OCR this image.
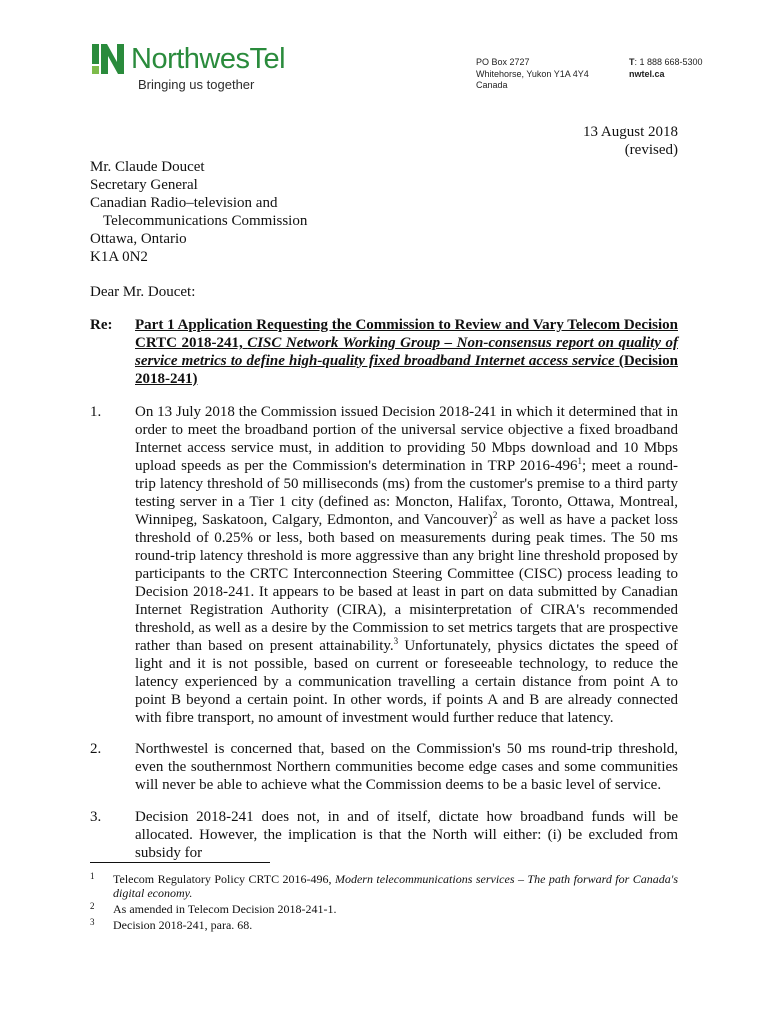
NorthwesTel
Bringing us together
PO Box 2727
Whitehorse, Yukon Y1A 4Y4
Canada
T: 1 888 668-5300
nwtel.ca
13 August 2018
(revised)
Mr. Claude Doucet
Secretary General
Canadian Radio–television and
Telecommunications Commission
Ottawa, Ontario
K1A 0N2
Dear Mr. Doucet:
Re: Part 1 Application Requesting the Commission to Review and Vary Telecom Decision CRTC 2018-241, CISC Network Working Group – Non-consensus report on quality of service metrics to define high-quality fixed broadband Internet access service (Decision 2018-241)
1. On 13 July 2018 the Commission issued Decision 2018-241 in which it determined that in order to meet the broadband portion of the universal service objective a fixed broadband Internet access service must, in addition to providing 50 Mbps download and 10 Mbps upload speeds as per the Commission's determination in TRP $2016-496^1$; meet a round-trip latency threshold of 50 milliseconds (ms) from the customer's premise to a third party testing server in a Tier 1 city (defined as: Moncton, Halifax, Toronto, Ottawa, Montreal, Winnipeg, Saskatoon, Calgary, Edmonton, and Vancouver)$^2$ as well as have a packet loss threshold of 0.25% or less, both based on measurements during peak times. The 50 ms round-trip latency threshold is more aggressive than any bright line threshold proposed by participants to the CRTC Interconnection Steering Committee (CISC) process leading to Decision 2018-241. It appears to be based at least in part on data submitted by Canadian Internet Registration Authority (CIRA), a misinterpretation of CIRA's recommended threshold, as well as a desire by the Commission to set metrics targets that are prospective rather than based on present attainability.$^3$ Unfortunately, physics dictates the speed of light and it is not possible, based on current or foreseeable technology, to reduce the latency experienced by a communication travelling a certain distance from point A to point B beyond a certain point. In other words, if points A and B are already connected with fibre transport, no amount of investment would further reduce that latency.
2. Northwestel is concerned that, based on the Commission's 50 ms round-trip threshold, even the southernmost Northern communities become edge cases and some communities will never be able to achieve what the Commission deems to be a basic level of service.
3. Decision 2018-241 does not, in and of itself, dictate how broadband funds will be allocated. However, the implication is that the North will either: (i) be excluded from subsidy for
1 Telecom Regulatory Policy CRTC 2016-496, Modern telecommunications services – The path forward for Canada's digital economy.
2 As amended in Telecom Decision 2018-241-1.
3 Decision 2018-241, para. 68.
